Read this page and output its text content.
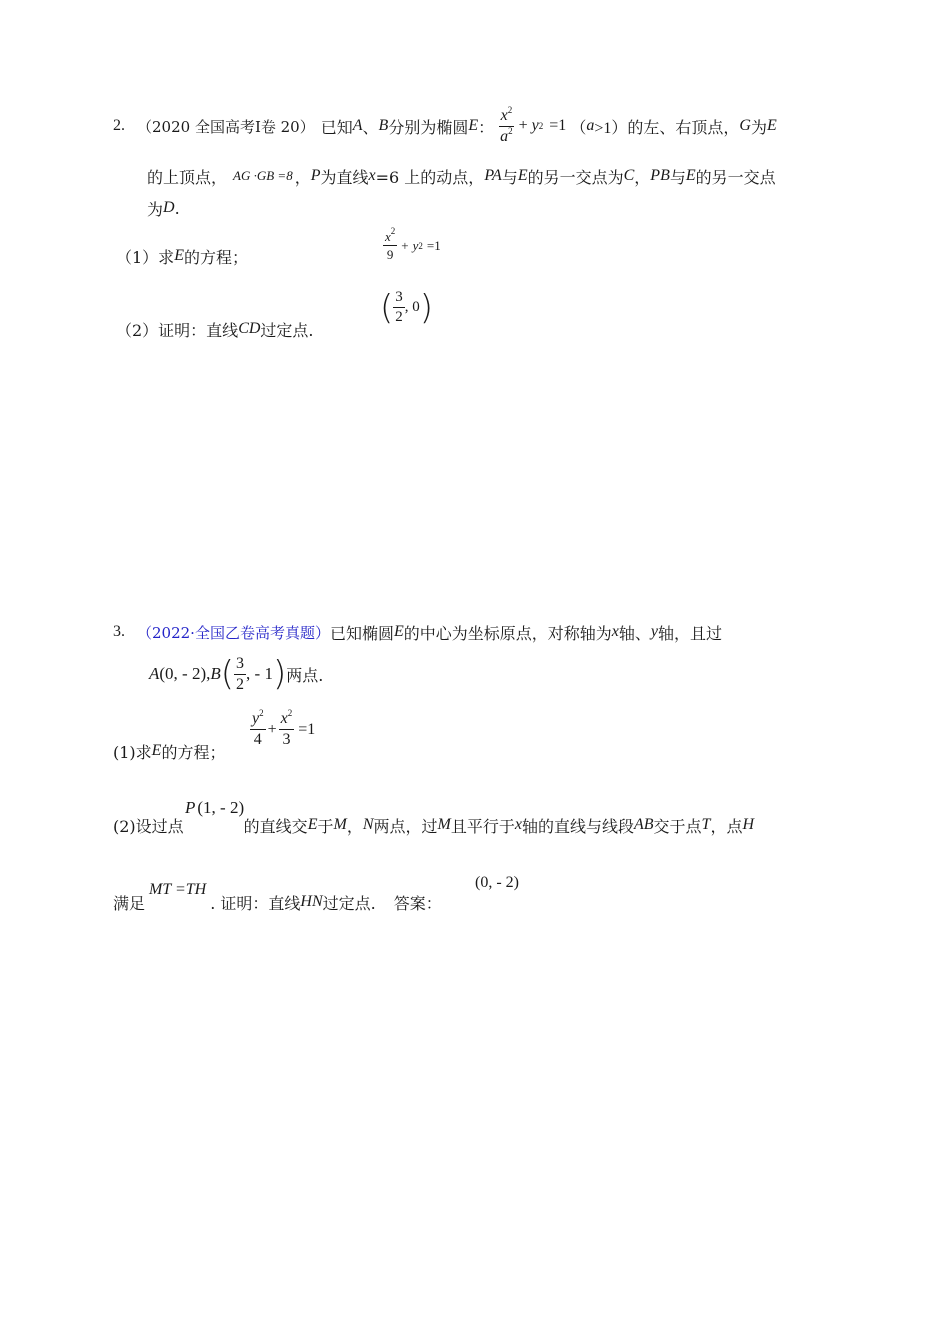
2. （2020 全国高考Ⅰ卷 20） 已知 A 、 B 分别为椭圆 E ： $\frac{x^2}{a^2} + y$ 2 =1 （ a >1） 的左、右顶点， G 为 E
的上顶点， AG ·GB =8 ， P 为直线 x =6 上的动点， PA 与 E 的另一交点为 C ， PB 与 E 的另一交点
为 D .
（1）求 E 的方程；	$\frac{x^2}{9} + y$ 2 =1
（2）证明：直线 CD 过定点.
( $\frac{3}{2}$ , 0 )
3. （2022·全国乙卷高考真题） 已知椭圆 E 的中心为坐标原点，对称轴为 x 轴、 y 轴，且过
A (0, - 2), B ( $\frac{3}{2}$ , - 1 ) 两点.
(1)求 E 的方程；
$\frac{y^2}{4} + \frac{x^2}{3} =1$
P (1, - 2)
(2)设过点	的直线交 E 于 M ， N 两点，过 M 且平行于 x 轴的直线与线段 AB 交于点 T ，点 H
满足
MT =TH
. 证明：直线 HN 过定点. 答案：
(0, - 2)
